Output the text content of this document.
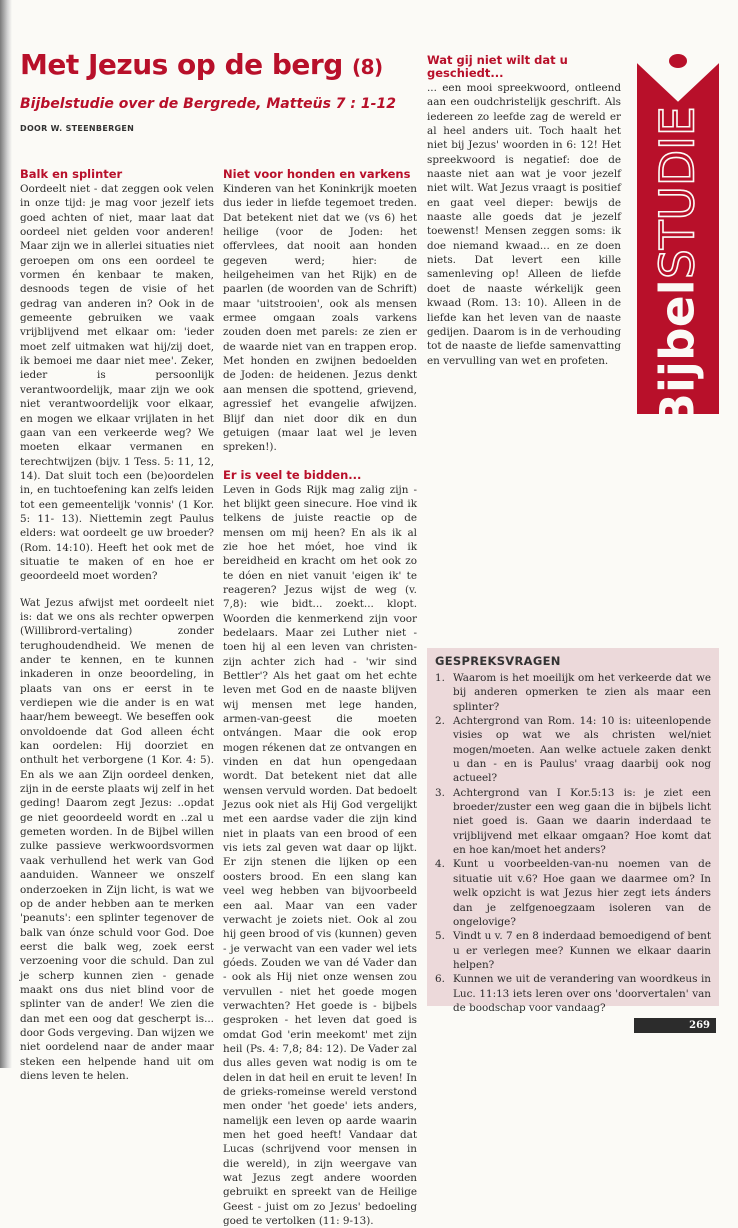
Met Jezus op de berg (8)
Bijbelstudie over de Bergrede, Matteüs 7 : 1-12
DOOR W. STEENBERGEN
Bijbel
STUDIE
Balk en splinter

Oordeelt niet - dat zeggen ook velen in onze tijd: je mag voor jezelf iets goed achten of niet, maar laat dat oordeel niet gelden voor anderen! Maar zijn we in allerlei situaties niet geroepen om ons een oordeel te vormen én kenbaar te maken, desnoods tegen de visie of het gedrag van anderen in? Ook in de gemeente gebruiken we vaak vrijblijvend met elkaar om: 'ieder moet zelf uitmaken wat hij/zij doet, ik bemoei me daar niet mee'. Zeker, ieder is persoonlijk verantwoordelijk, maar zijn we ook niet verantwoordelijk voor elkaar, en mogen we elkaar vrijlaten in het gaan van een verkeerde weg? We moeten elkaar vermanen en terechtwijzen (bijv. 1 Tess. 5: 11, 12, 14). Dat sluit toch een (be)oordelen in, en tuchtoefening kan zelfs leiden tot een gemeentelijk 'vonnis' (1 Kor. 5: 11- 13). Niettemin zegt Paulus elders: wat oordeelt ge uw broeder? (Rom. 14:10). Heeft het ook met de situatie te maken of en hoe er geoordeeld moet worden?

Wat Jezus afwijst met oordeelt niet is: dat we ons als rechter opwerpen (Willibrord-vertaling) zonder terughoudendheid. We menen de ander te kennen, en te kunnen inkaderen in onze beoordeling, in plaats van ons er eerst in te verdiepen wie die ander is en wat haar/hem beweegt. We beseffen ook onvoldoende dat God alleen écht kan oordelen: Hij doorziet en onthult het verborgene (1 Kor. 4: 5). En als we aan Zijn oordeel denken, zijn in de eerste plaats wij zelf in het geding! Daarom zegt Jezus: ..opdat ge niet geoordeeld wordt en ..zal u gemeten worden. In de Bijbel willen zulke passieve werkwoordsvormen vaak verhullend het werk van God aanduiden. Wanneer we onszelf onderzoeken in Zijn licht, is wat we op de ander hebben aan te merken 'peanuts': een splinter tegenover de balk van ónze schuld voor God. Doe eerst die balk weg, zoek eerst verzoening voor die schuld. Dan zul je scherp kunnen zien - genade maakt ons dus niet blind voor de splinter van de ander! We zien die dan met een oog dat gescherpt is... door Gods vergeving. Dan wijzen we niet oordelend naar de ander maar steken een helpende hand uit om diens leven te helen.

Niet voor honden en varkens

Kinderen van het Koninkrijk moeten dus ieder in liefde tegemoet treden. Dat betekent niet dat we (vs 6) het heilige (voor de Joden: het offervlees, dat nooit aan honden gegeven werd; hier: de heilgeheimen van het Rijk) en de paarlen (de woorden van de Schrift) maar 'uitstrooien', ook als mensen ermee omgaan zoals varkens zouden doen met parels: ze zien er de waarde niet van en trappen erop. Met honden en zwijnen bedoelden de Joden: de heidenen. Jezus denkt aan mensen die spottend, grievend, agressief het evangelie afwijzen. Blijf dan niet door dik en dun getuigen (maar laat wel je leven spreken!).

Er is veel te bidden...

Leven in Gods Rijk mag zalig zijn - het blijkt geen sinecure. Hoe vind ik telkens de juiste reactie op de mensen om mij heen? En als ik al zie hoe het móet, hoe vind ik bereidheid en kracht om het ook zo te dóen en niet vanuit 'eigen ik' te reageren? Jezus wijst de weg (v. 7,8): wie bidt... zoekt... klopt. Woorden die kenmerkend zijn voor bedelaars. Maar zei Luther niet - toen hij al een leven van christen-zijn achter zich had - 'wir sind Bettler'? Als het gaat om het echte leven met God en de naaste blijven wij mensen met lege handen, armen-van-geest die moeten ontvángen. Maar die ook erop mogen rékenen dat ze ontvangen en vinden en dat hun opengedaan wordt. Dat betekent niet dat alle wensen vervuld worden. Dat bedoelt Jezus ook niet als Hij God vergelijkt met een aardse vader die zijn kind niet in plaats van een brood of een vis iets zal geven wat daar op lijkt. Er zijn stenen die lijken op een oosters brood. En een slang kan veel weg hebben van bijvoorbeeld een aal. Maar van een vader verwacht je zoiets niet. Ook al zou hij geen brood of vis (kunnen) geven - je verwacht van een vader wel iets góeds. Zouden we van dé Vader dan - ook als Hij niet onze wensen zou vervullen - niet het goede mogen verwachten? Het goede is - bijbels gesproken - het leven dat goed is omdat God 'erin meekomt' met zijn heil (Ps. 4: 7,8; 84: 12). De Vader zal dus alles geven wat nodig is om te delen in dat heil en eruit te leven! In de grieks-romeinse wereld verstond men onder 'het goede' iets anders, namelijk een leven op aarde waarin men het goed heeft! Vandaar dat Lucas (schrijvend voor mensen in die wereld), in zijn weergave van wat Jezus zegt andere woorden gebruikt en spreekt van de Heilige Geest - juist om zo Jezus' bedoeling goed te vertolken (11: 9-13).

Wat gij niet wilt dat u geschiedt...

... een mooi spreekwoord, ontleend aan een oudchristelijk geschrift. Als iedereen zo leefde zag de wereld er al heel anders uit. Toch haalt het niet bij Jezus' woorden in 6: 12! Het spreekwoord is negatief: doe de naaste niet aan wat je voor jezelf niet wilt. Wat Jezus vraagt is positief en gaat veel dieper: bewijs de naaste alle goeds dat je jezelf toewenst! Mensen zeggen soms: ik doe niemand kwaad... en ze doen niets. Dat levert een kille samenleving op! Alleen de liefde doet de naaste wérkelijk geen kwaad (Rom. 13: 10). Alleen in de liefde kan het leven van de naaste gedijen. Daarom is in de verhouding tot de naaste de liefde samenvatting en vervulling van wet en profeten.

GESPREKSVRAGEN
1. Waarom is het moeilijk om het verkeerde dat we bij anderen opmerken te zien als maar een splinter?
2. Achtergrond van Rom. 14: 10 is: uiteenlopende visies op wat we als christen wel/niet mogen/moeten. Aan welke actuele zaken denkt u dan - en is Paulus' vraag daarbij ook nog actueel?
3. Achtergrond van I Kor.5:13 is: je ziet een broeder/zuster een weg gaan die in bijbels licht niet goed is. Gaan we daarin inderdaad te vrijblijvend met elkaar omgaan? Hoe komt dat en hoe kan/moet het anders?
4. Kunt u voorbeelden-van-nu noemen van de situatie uit v.6? Hoe gaan we daarmee om? In welk opzicht is wat Jezus hier zegt iets ánders dan je zelfgenoegzaam isoleren van de ongelovige?
5. Vindt u v. 7 en 8 inderdaad bemoedigend of bent u er verlegen mee? Kunnen we elkaar daarin helpen?
6. Kunnen we uit de verandering van woordkeus in Luc. 11:13 iets leren over ons 'doorvertalen' van de boodschap voor vandaag?
269
